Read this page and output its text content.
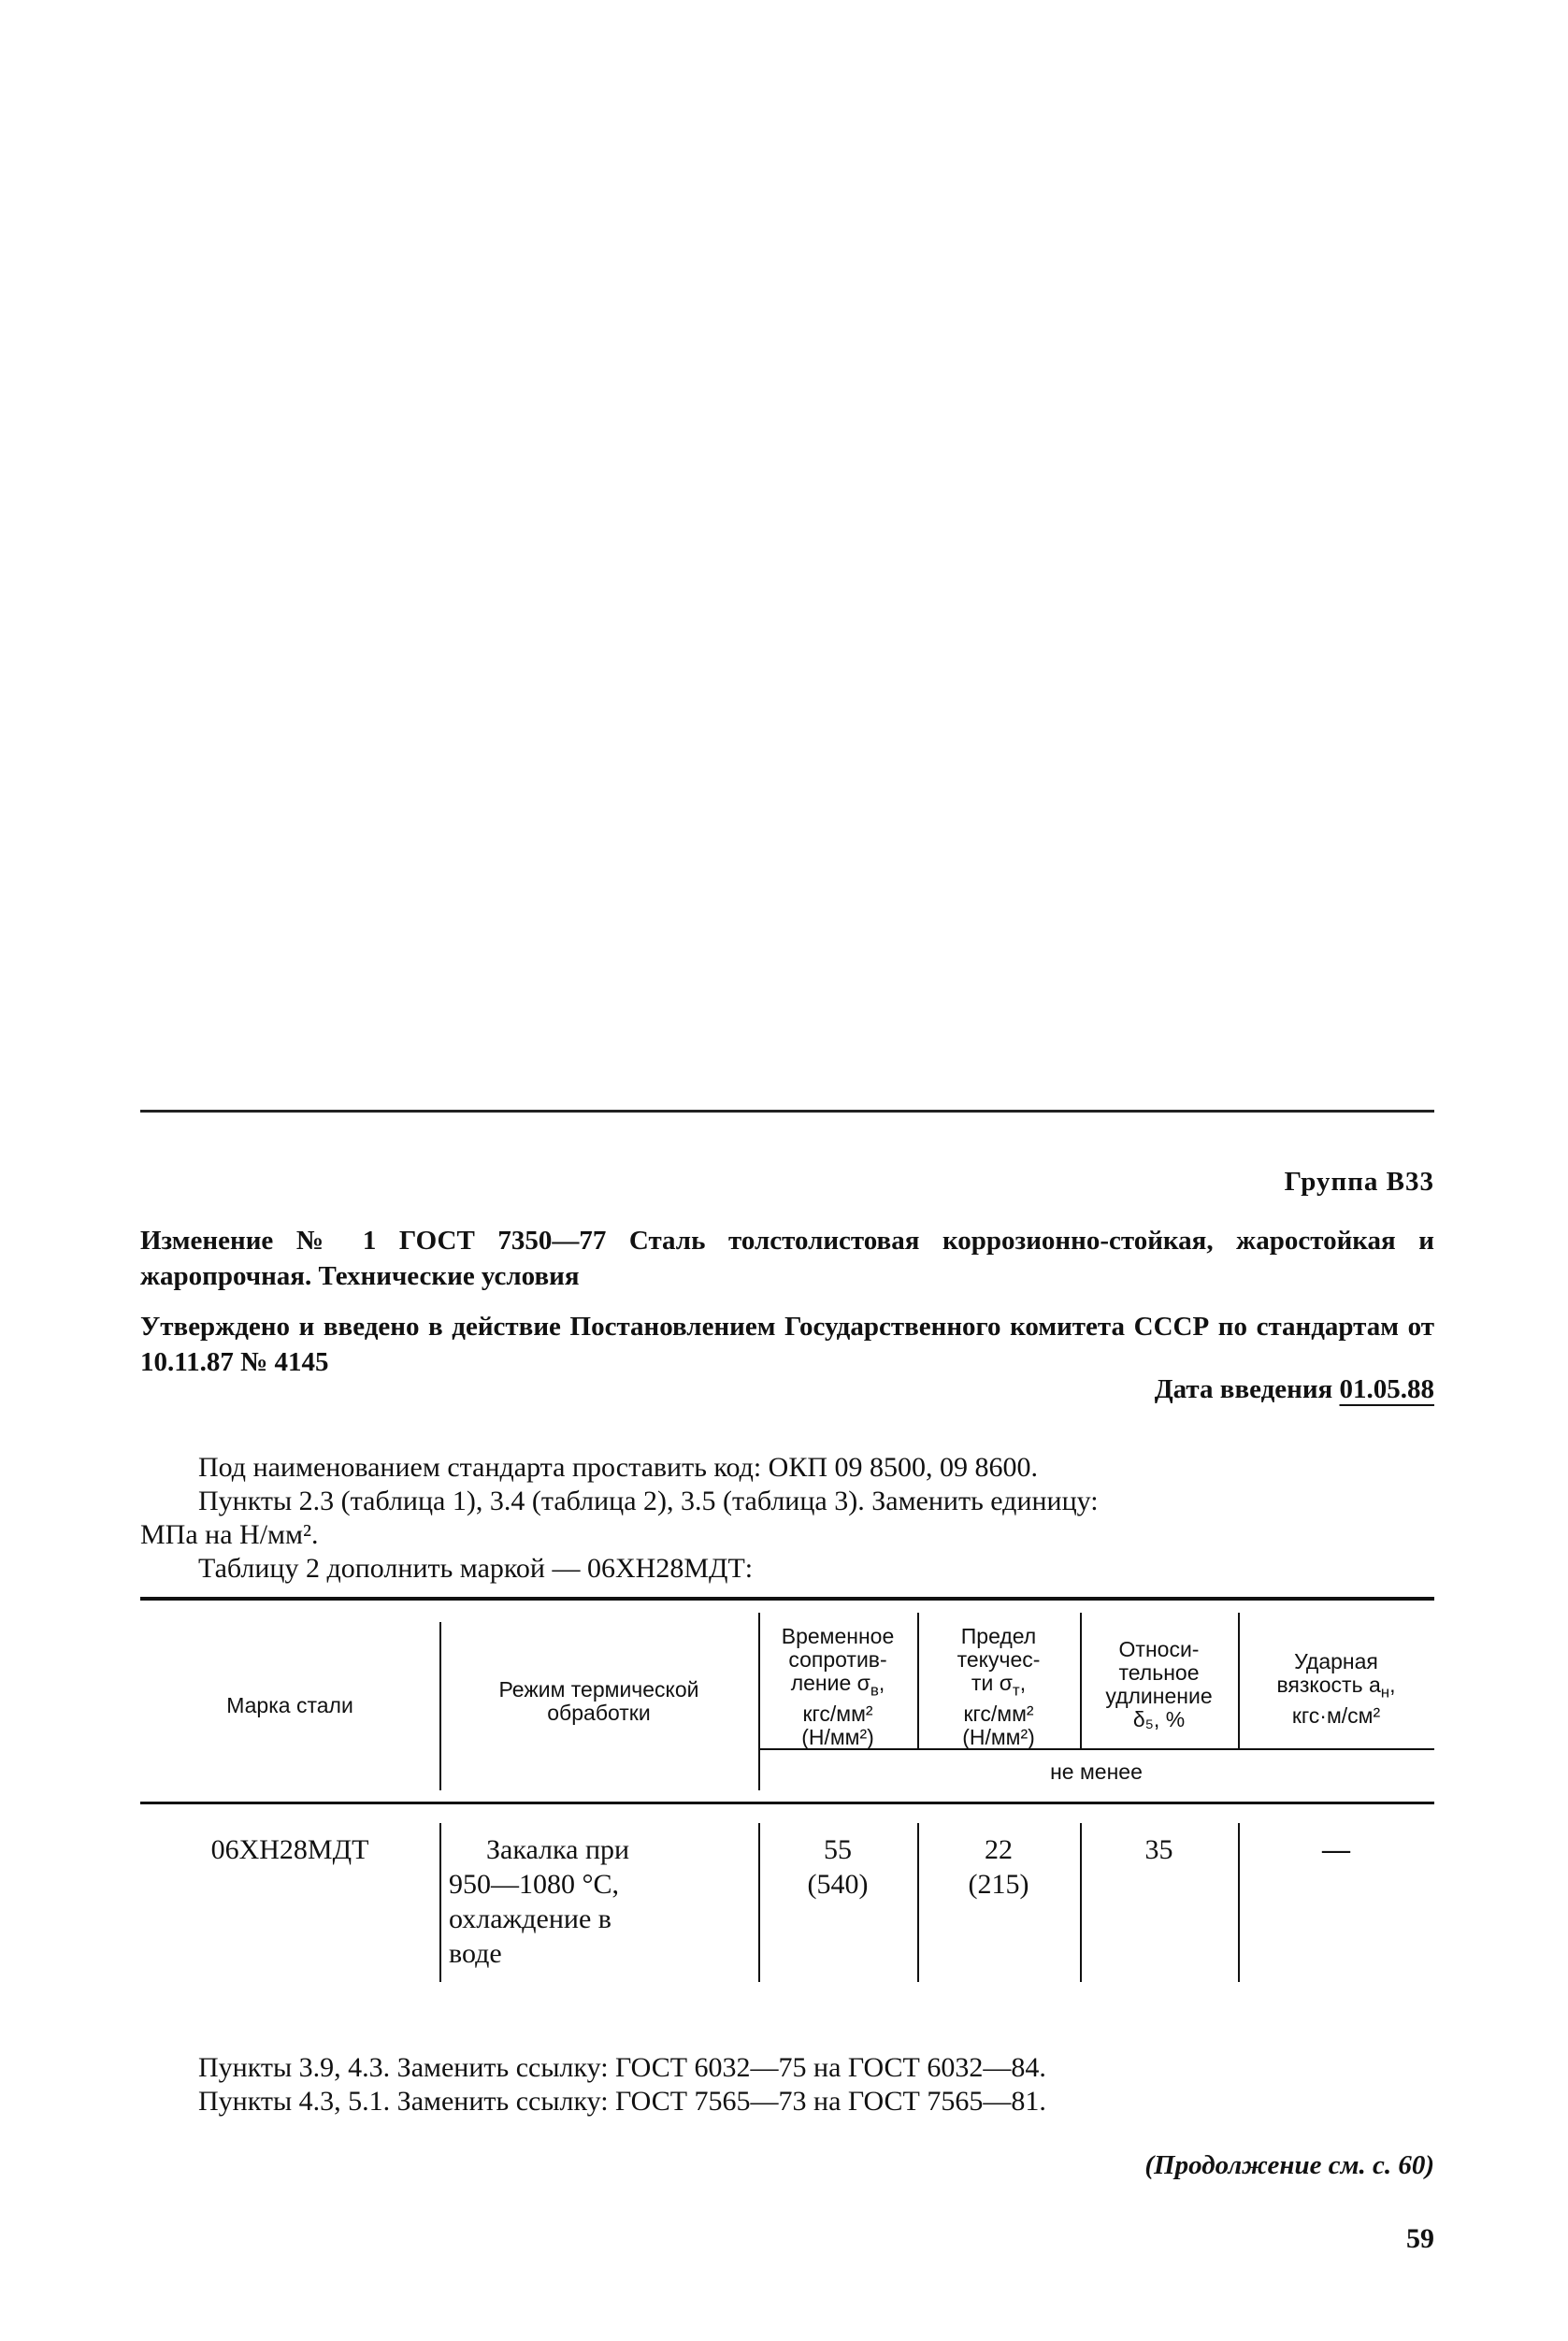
Группа В33

Изменение № 1 ГОСТ 7350—77 Сталь толстолистовая коррозионно-стойкая, жаростойкая и жаропрочная. Технические условия

Утверждено и введено в действие Постановлением Государственного комитета СССР по стандартам от 10.11.87 № 4145

Дата введения 01.05.88
Под наименованием стандарта проставить код: ОКП 09 8500, 09 8600.
Пункты 2.3 (таблица 1), 3.4 (таблица 2), 3.5 (таблица 3). Заменить единицу:
МПа на Н/мм².
Таблицу 2 дополнить маркой — 06ХН28МДТ:
Марка стали
Режим термической
обработки
Временное
сопротив-
ление $\sigma_в$,
кгс/мм²
(Н/мм²)
Предел
текучес-
ти $\sigma_т$,
кгс/мм²
(Н/мм²)
Относи-
тельное
удлинение
δ₅, %
Ударная
вязкость $a_н$,
кгс·м/см²
не менее
06ХН28МДТ	Закалка при
950—1080 °С,
охлаждение в
воде
55
(540)
22
(215)
35	—
Пункты 3.9, 4.3. Заменить ссылку: ГОСТ 6032—75 на ГОСТ 6032—84.
Пункты 4.3, 5.1. Заменить ссылку: ГОСТ 7565—73 на ГОСТ 7565—81.
(Продолжение см. с. 60)
59
